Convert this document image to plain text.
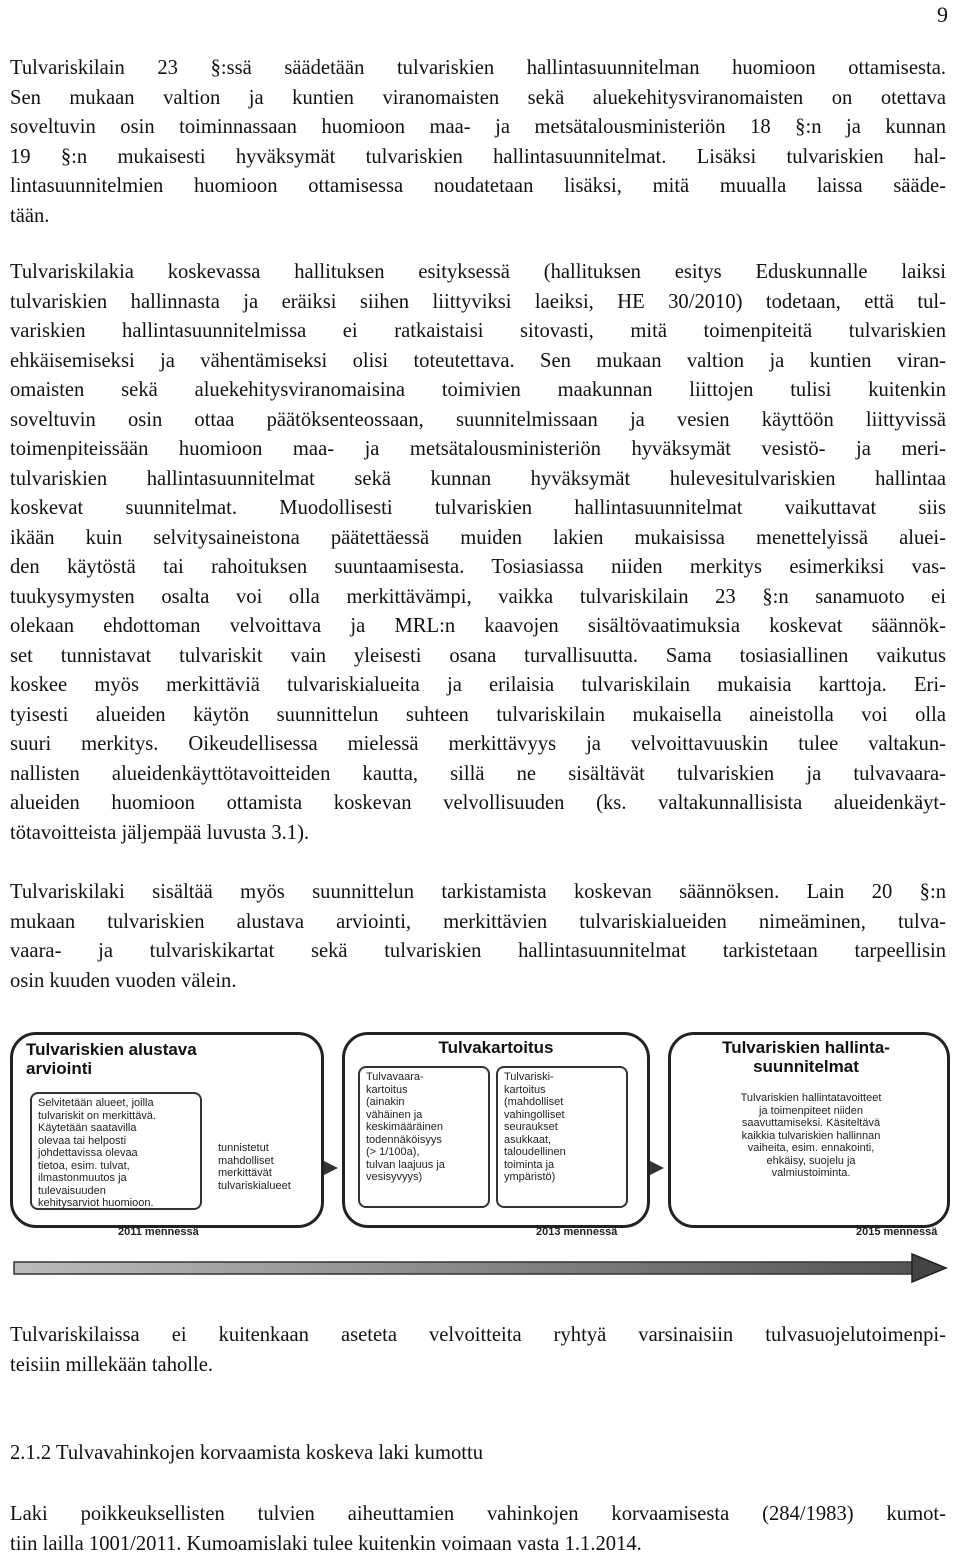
9
Tulvariskilain 23 §:ssä säädetään tulvariskien hallintasuunnitelman huomioon ottamisesta.
Sen mukaan valtion ja kuntien viranomaisten sekä aluekehitysviranomaisten on otettava
soveltuvin osin toiminnassaan huomioon maa- ja metsätalousministeriön 18 §:n ja kunnan
19 §:n mukaisesti hyväksymät tulvariskien hallintasuunnitelmat. Lisäksi tulvariskien hal-
lintasuunnitelmien huomioon ottamisessa noudatetaan lisäksi, mitä muualla laissa sääde-
tään.
Tulvariskilakia koskevassa hallituksen esityksessä (hallituksen esitys Eduskunnalle laiksi
tulvariskien hallinnasta ja eräiksi siihen liittyviksi laeiksi, HE 30/2010) todetaan, että tul-
variskien hallintasuunnitelmissa ei ratkaistaisi sitovasti, mitä toimenpiteitä tulvariskien
ehkäisemiseksi ja vähentämiseksi olisi toteutettava. Sen mukaan valtion ja kuntien viran-
omaisten sekä aluekehitysviranomaisina toimivien maakunnan liittojen tulisi kuitenkin
soveltuvin osin ottaa päätöksenteossaan, suunnitelmissaan ja vesien käyttöön liittyvissä
toimenpiteissään huomioon maa- ja metsätalousministeriön hyväksymät vesistö- ja meri-
tulvariskien hallintasuunnitelmat sekä kunnan hyväksymät hulevesitulvariskien hallintaa
koskevat suunnitelmat. Muodollisesti tulvariskien hallintasuunnitelmat vaikuttavat siis
ikään kuin selvitysaineistona päätettäessä muiden lakien mukaisissa menettelyissä aluei-
den käytöstä tai rahoituksen suuntaamisesta. Tosiasiassa niiden merkitys esimerkiksi vas-
tuukysymysten osalta voi olla merkittävämpi, vaikka tulvariskilain 23 §:n sanamuoto ei
olekaan ehdottoman velvoittava ja MRL:n kaavojen sisältövaatimuksia koskevat säännök-
set tunnistavat tulvariskit vain yleisesti osana turvallisuutta. Sama tosiasiallinen vaikutus
koskee myös merkittäviä tulvariskialueita ja erilaisia tulvariskilain mukaisia karttoja. Eri-
tyisesti alueiden käytön suunnittelun suhteen tulvariskilain mukaisella aineistolla voi olla
suuri merkitys. Oikeudellisessa mielessä merkittävyys ja velvoittavuuskin tulee valtakun-
nallisten alueidenkäyttötavoitteiden kautta, sillä ne sisältävät tulvariskien ja tulvavaara-
alueiden huomioon ottamista koskevan velvollisuuden (ks. valtakunnallisista alueidenkäyt-
tötavoitteista jäljempää luvusta 3.1).
Tulvariskilaki sisältää myös suunnittelun tarkistamista koskevan säännöksen. Lain 20 §:n
mukaan tulvariskien alustava arviointi, merkittävien tulvariskialueiden nimeäminen, tulva-
vaara- ja tulvariskikartat sekä tulvariskien hallintasuunnitelmat tarkistetaan tarpeellisin
osin kuuden vuoden välein.
Tulvariskien alustava
arviointi
Selvitetään alueet, joilla
tulvariskit on merkittävä.
Käytetään saatavilla
olevaa tai helposti
johdettavissa olevaa
tietoa, esim. tulvat,
ilmastonmuutos ja
tulevaisuuden
kehitysarviot huomioon.
tunnistetut
mahdolliset
merkittävät
tulvariskialueet
2011 mennessä
Tulvakartoitus
Tulvavaara-
kartoitus
(ainakin
vähäinen ja
keskimääräinen
todennäköisyys
(> 1/100a),
tulvan laajuus ja
vesisyvyys)
Tulvariski-
kartoitus
(mahdolliset
vahingolliset
seuraukset
asukkaat,
taloudellinen
toiminta ja
ympäristö)
2013 mennessä
Tulvariskien hallinta-
suunnitelmat
Tulvariskien hallintatavoitteet
ja toimenpiteet niiden
saavuttamiseksi. Käsiteltävä
kaikkia tulvariskien hallinnan
vaiheita, esim. ennakointi,
ehkäisy, suojelu ja
valmiustoiminta.
2015 mennessä
Tulvariskilaissa ei kuitenkaan aseteta velvoitteita ryhtyä varsinaisiin tulvasuojelutoimenpi-
teisiin millekään taholle.
2.1.2 Tulvavahinkojen korvaamista koskeva laki kumottu
Laki poikkeuksellisten tulvien aiheuttamien vahinkojen korvaamisesta (284/1983) kumot-
tiin laillа 1001/2011. Kumoamislaki tulee kuitenkin voimaan vasta 1.1.2014.
